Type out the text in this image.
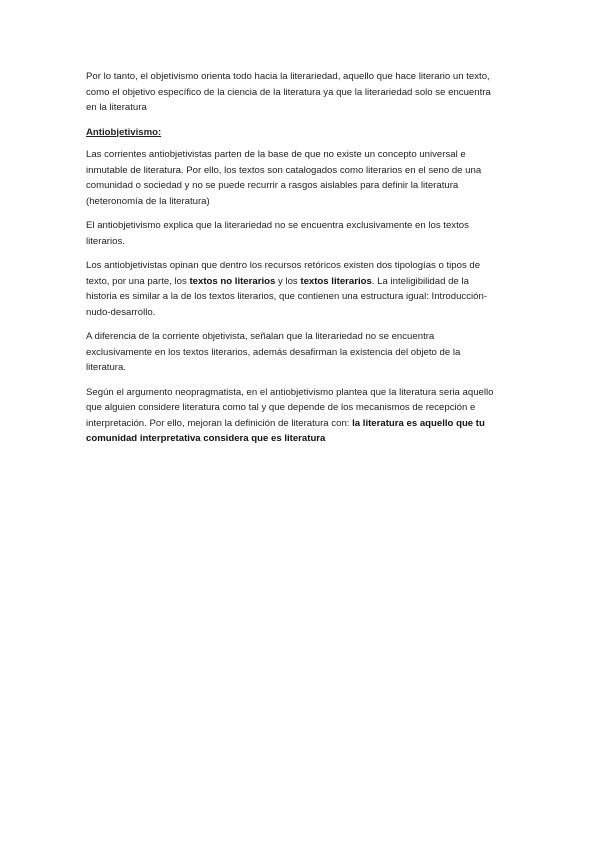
Por lo tanto, el objetivismo orienta todo hacia la literariedad, aquello que hace literario un texto, como el objetivo específico de la ciencia de la literatura ya que la literariedad solo se encuentra en la literatura

Antiobjetivismo:

Las corrientes antiobjetivistas parten de la base de que no existe un concepto universal e inmutable de literatura. Por ello, los textos son catalogados como literarios en el seno de una comunidad o sociedad y no se puede recurrir a rasgos aislables para definir la literatura (heteronomía de la literatura)

El antiobjetivismo explica que la literariedad no se encuentra exclusivamente en los textos literarios.

Los antiobjetivistas opinan que dentro los recursos retóricos existen dos tipologías o tipos de texto, por una parte, los textos no literarios y los textos literarios. La inteligibilidad de la historia es similar a la de los textos literarios, que contienen una estructura igual: Introducción-nudo-desarrollo.

A diferencia de la corriente objetivista, señalan que la literariedad no se encuentra exclusivamente en los textos literarios, además desafirman la existencia del objeto de la literatura.

Según el argumento neopragmatista, en el antiobjetivismo plantea que la literatura seria aquello que alguien considere literatura como tal y que depende de los mecanismos de recepción e interpretación. Por ello, mejoran la definición de literatura con: la literatura es aquello que tu comunidad interpretativa considera que es literatura
